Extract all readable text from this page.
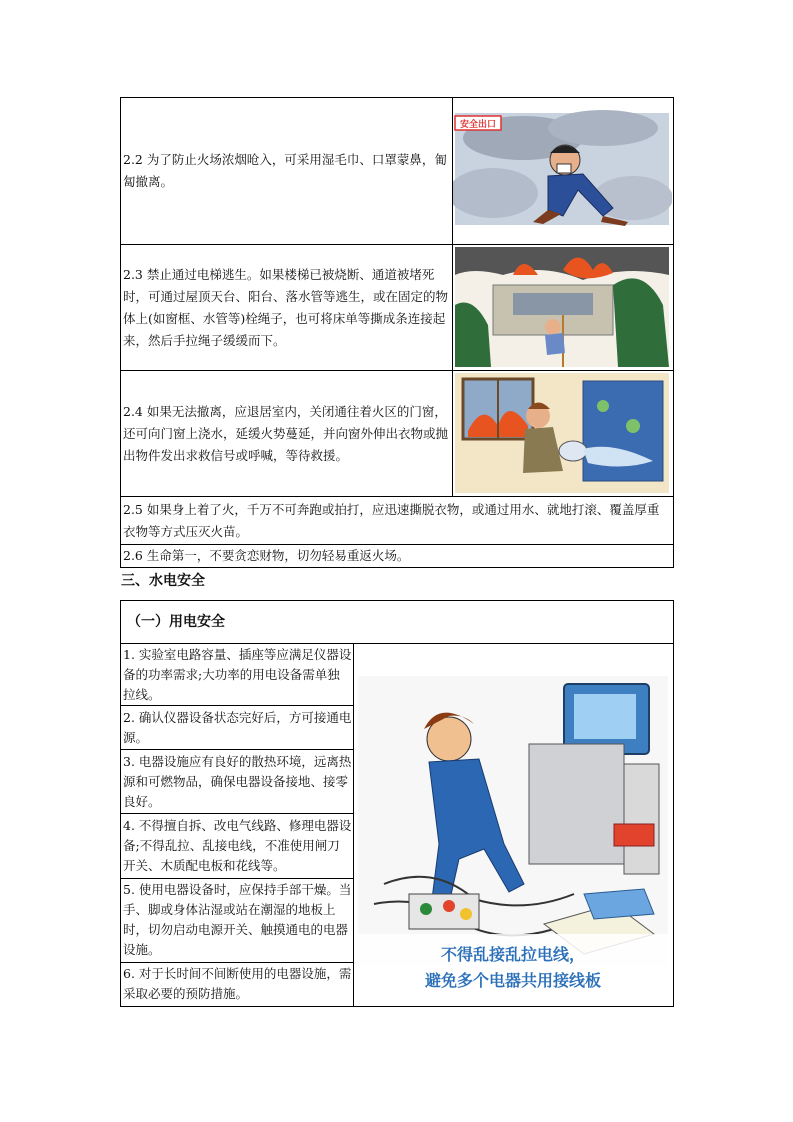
2.2 为了防止火场浓烟呛入，可采用湿毛巾、口罩蒙鼻，匍匐撤离。	安全出口

2.3 禁止通过电梯逃生。如果楼梯已被烧断、通道被堵死时，可通过屋顶天台、阳台、落水管等逃生，或在固定的物体上(如窗框、水管等)栓绳子，也可将床单等撕成条连接起来，然后手拉绳子缓缓而下。	

2.4 如果无法撤离，应退居室内，关闭通往着火区的门窗，还可向门窗上浇水，延缓火势蔓延，并向窗外伸出衣物或抛出物件发出求救信号或呼喊，等待救援。	

2.5 如果身上着了火，千万不可奔跑或拍打，应迅速撕脱衣物，或通过用水、就地打滚、覆盖厚重衣物等方式压灭火苗。	
2.6 生命第一，不要贪恋财物，切勿轻易重返火场。	
三、水电安全
（一）用电安全
1. 实验室电路容量、插座等应满足仪器设备的功率需求;大功率的用电设备需单独拉线。	
不得乱接乱拉电线，
避免多个电器共用接线板

2. 确认仪器设备状态完好后，方可接通电源。
3. 电器设施应有良好的散热环境，远离热源和可燃物品，确保电器设备接地、接零良好。
4. 不得擅自拆、改电气线路、修理电器设备;不得乱拉、乱接电线，不准使用闸刀开关、木质配电板和花线等。
5. 使用电器设备时，应保持手部干燥。当手、脚或身体沾湿或站在潮湿的地板上时，切勿启动电源开关、触摸通电的电器设施。
6. 对于长时间不间断使用的电器设施，需采取必要的预防措施。
